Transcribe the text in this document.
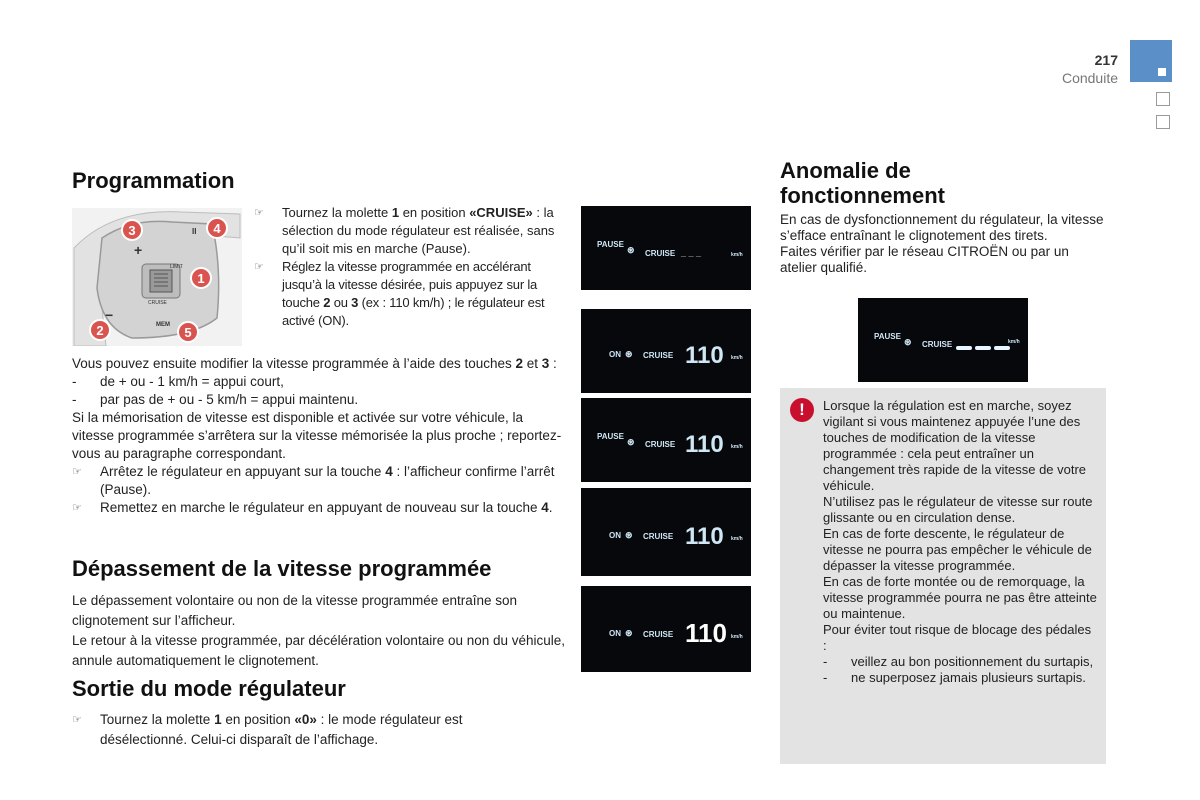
217
Conduite
Programmation
LIMIT
CRUISE
+
−
II
MEM
3	4
1
2	5
☞ Tournez la molette 1 en position «CRUISE» : la sélection du mode régulateur est réalisée, sans qu’il soit mis en marche (Pause).
☞ Réglez la vitesse programmée en accélérant jusqu’à la vitesse désirée, puis appuyez sur la touche 2 ou 3 (ex : 110 km/h) ; le régulateur est activé (ON).

Vous pouvez ensuite modifier la vitesse programmée à l’aide des touches 2 et 3 :

- de + ou - 1 km/h = appui court,
- par pas de + ou - 5 km/h = appui maintenu.

Si la mémorisation de vitesse est disponible et activée sur votre véhicule, la vitesse programmée s’arrêtera sur la vitesse mémorisée la plus proche ; reportez-vous au paragraphe correspondant.

☞ Arrêtez le régulateur en appuyant sur la touche 4 : l’afficheur confirme l’arrêt (Pause).
☞ Remettez en marche le régulateur en appuyant de nouveau sur la touche 4.
Dépassement de la vitesse programmée

Le dépassement volontaire ou non de la vitesse programmée entraîne son clignotement sur l’afficheur.

Le retour à la vitesse programmée, par décélération volontaire ou non du véhicule, annule automatiquement le clignotement.

Sortie du mode régulateur
☞ Tournez la molette 1 en position «0» : le mode régulateur est désélectionné. Celui-ci disparaît de l’affichage.
PAUSE
⊛ CRUISE _ _ _	km/h
ON ⊛ CRUISE 110 km/h
PAUSE
⊛ CRUISE 110 km/h
ON ⊛ CRUISE 110 km/h
ON ⊛ CRUISE 110 km/h
Anomalie de fonctionnement

En cas de dysfonctionnement du régulateur, la vitesse s’efface entraînant le clignotement des tirets.

Faites vérifier par le réseau CITROËN ou par un atelier qualifié.

PAUSE
⊛ CRUISE	km/h
!	Lorsque la régulation est en marche, soyez vigilant si vous maintenez appuyée l’une des touches de modification de la vitesse programmée : cela peut entraîner un changement très rapide de la vitesse de votre véhicule.

N’utilisez pas le régulateur de vitesse sur route glissante ou en circulation dense.

En cas de forte descente, le régulateur de vitesse ne pourra pas empêcher le véhicule de dépasser la vitesse programmée.

En cas de forte montée ou de remorquage, la vitesse programmée pourra ne pas être atteinte ou maintenue.

Pour éviter tout risque de blocage des pédales :

- veillez au bon positionnement du surtapis,
- ne superposez jamais plusieurs surtapis.
